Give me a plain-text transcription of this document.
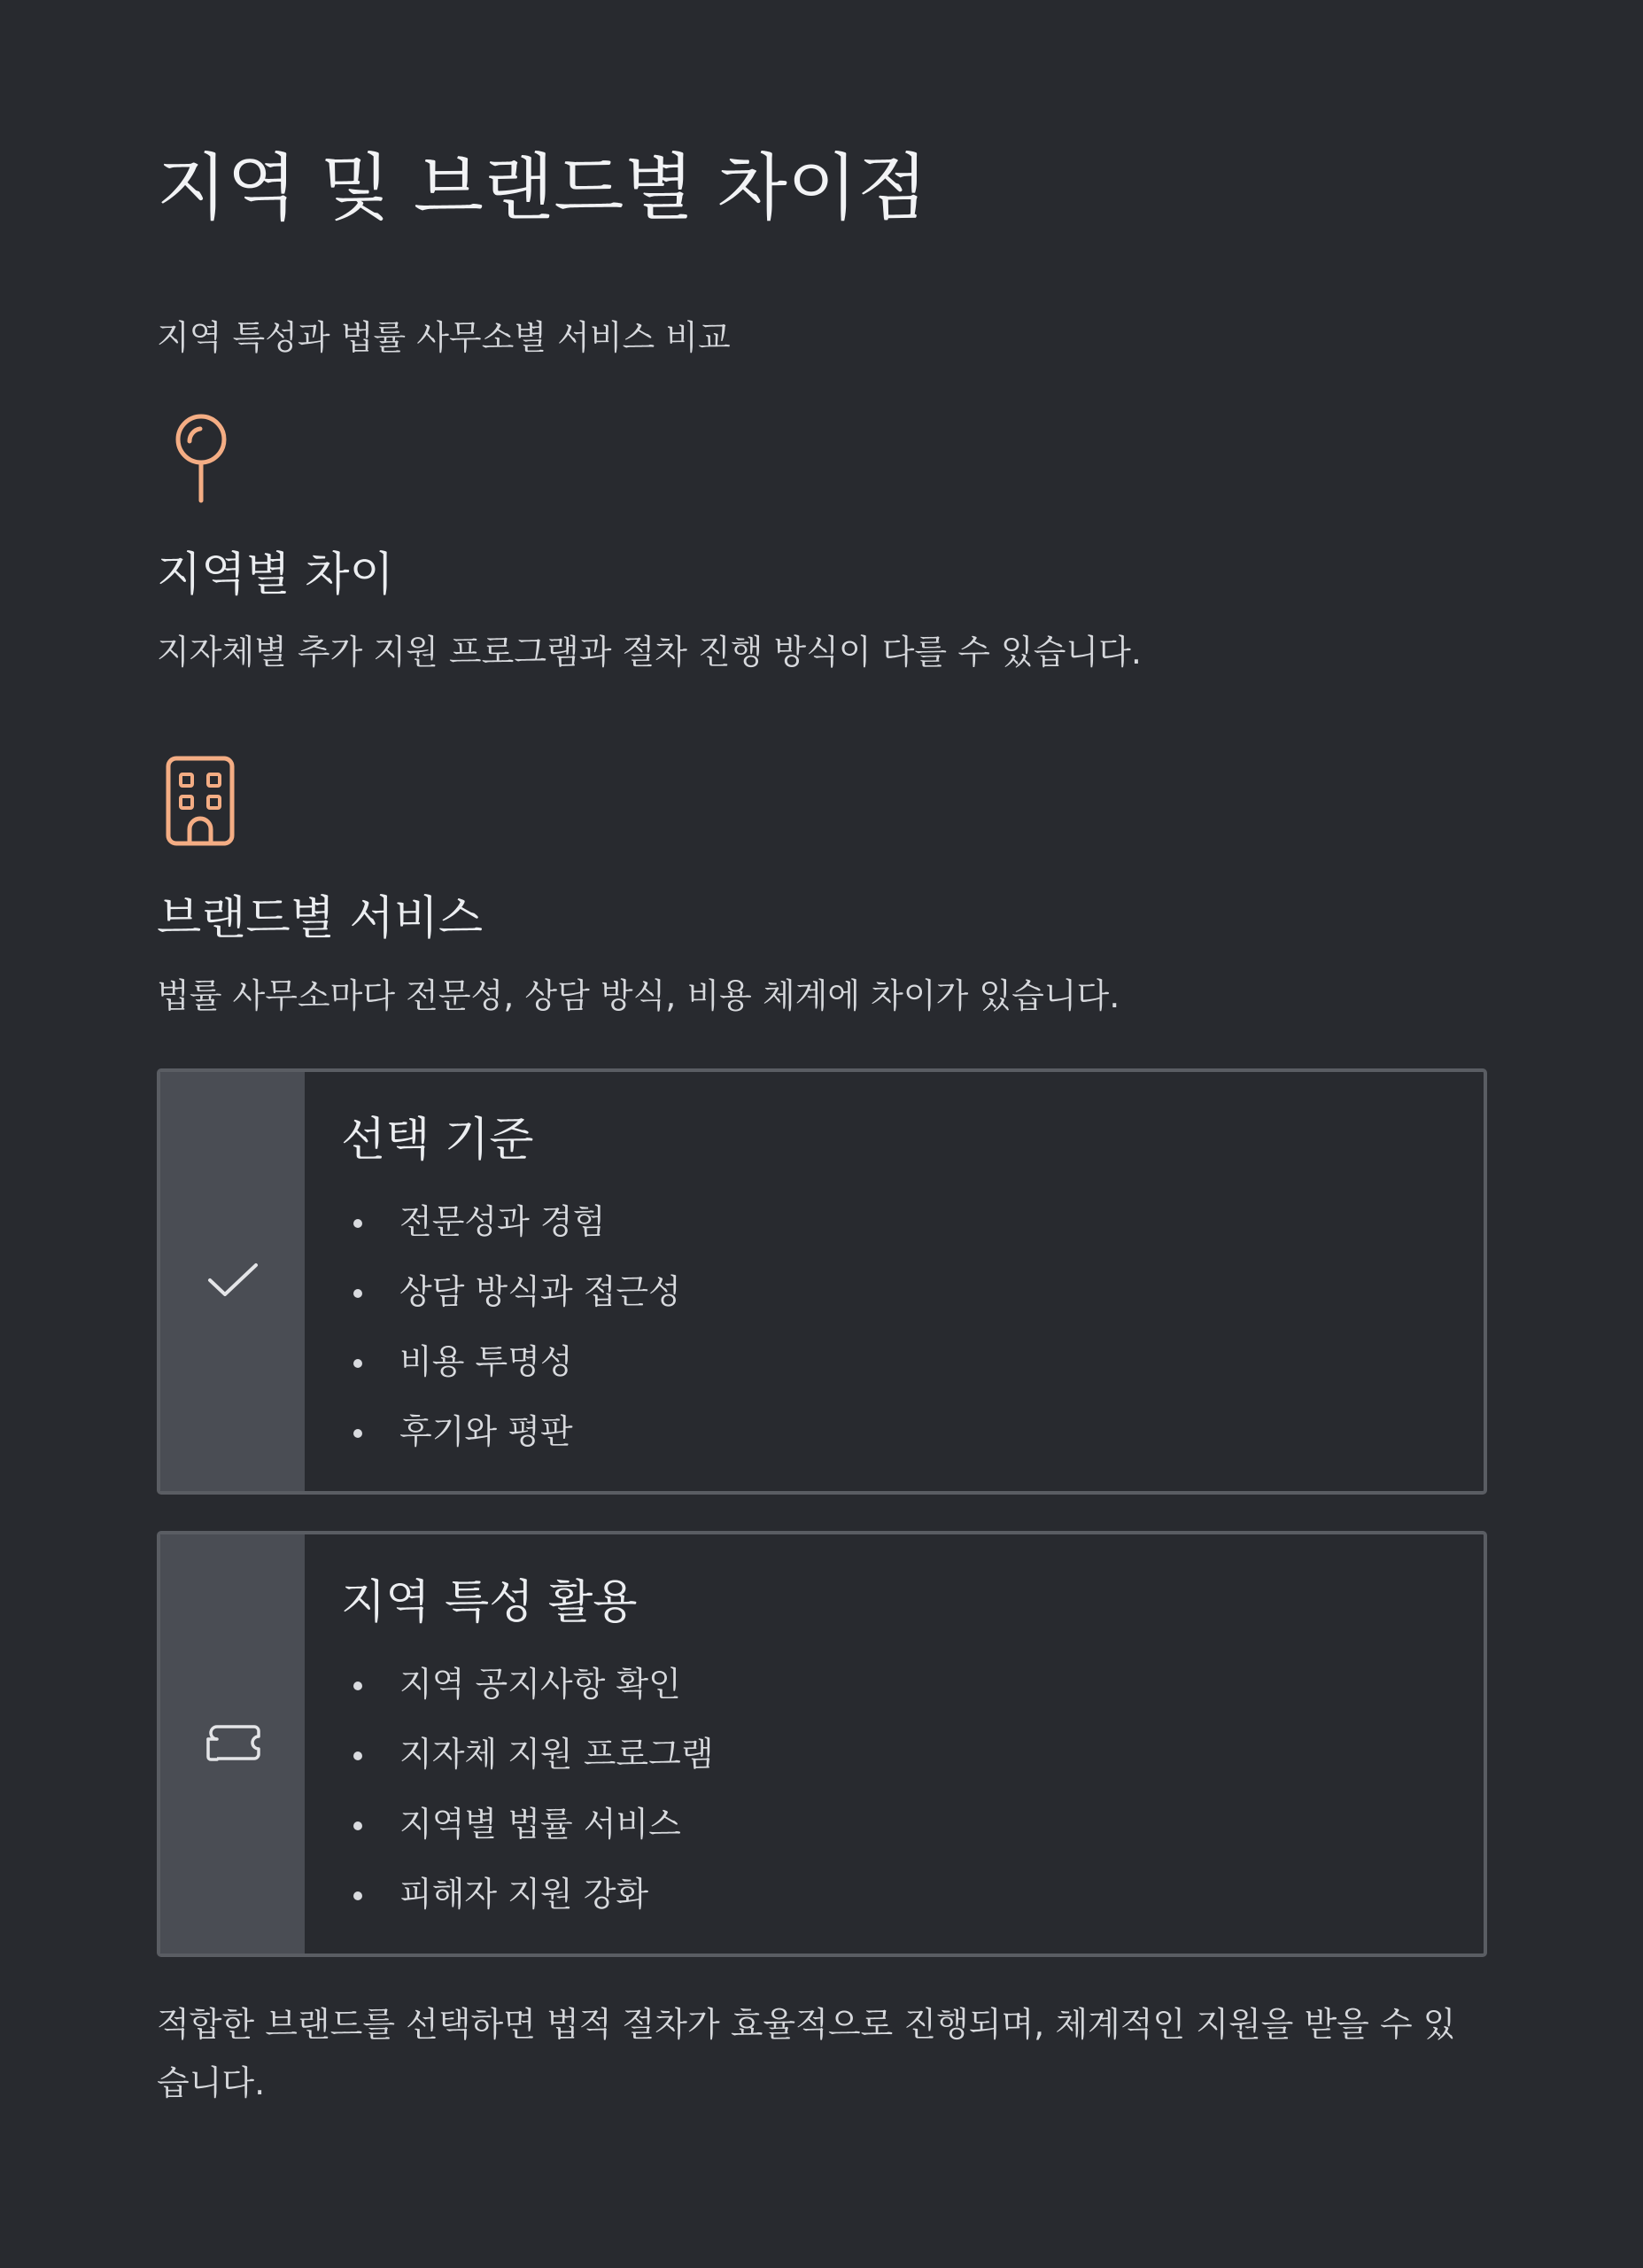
지역 및 브랜드별 차이점

지역 특성과 법률 사무소별 서비스 비교

지역별 차이

지자체별 추가 지원 프로그램과 절차 진행 방식이 다를 수 있습니다.

브랜드별 서비스

법률 사무소마다 전문성, 상담 방식, 비용 체계에 차이가 있습니다.

선택 기준
전문성과 경험
상담 방식과 접근성
비용 투명성
후기와 평판
지역 특성 활용
지역 공지사항 확인
지자체 지원 프로그램
지역별 법률 서비스
피해자 지원 강화

적합한 브랜드를 선택하면 법적 절차가 효율적으로 진행되며, 체계적인 지원을 받을 수 있습니다.
